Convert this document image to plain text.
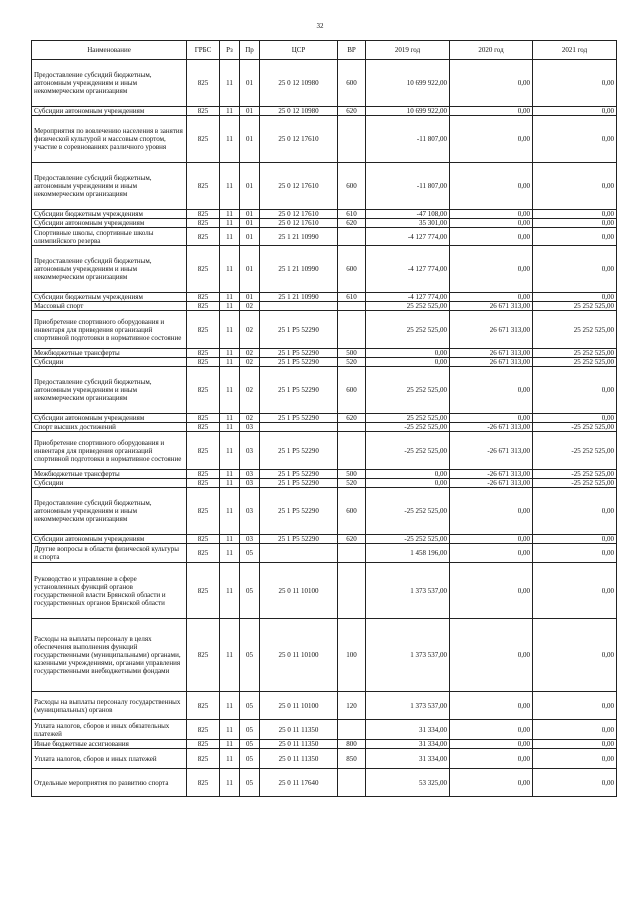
32
Наименование	ГРБС	Рз	Пр	ЦСР	ВР	2019 год	2020 год	2021 год
Предоставление субсидий бюджетным, автономным учреждениям и иным некоммерческим организациям	825	11	01	25 0 12 10980	600	10 699 922,00	0,00	0,00
Субсидии автономным учреждениям	825	11	01	25 0 12 10980	620	10 699 922,00	0,00	0,00
Мероприятия по вовлечению населения в занятия физической культурой и массовым спортом, участие в соревнованиях различного уровня	825	11	01	25 0 12 17610		-11 807,00	0,00	0,00
Предоставление субсидий бюджетным, автономным учреждениям и иным некоммерческим организациям	825	11	01	25 0 12 17610	600	-11 807,00	0,00	0,00
Субсидии бюджетным учреждениям	825	11	01	25 0 12 17610	610	-47 108,00	0,00	0,00
Субсидии автономным учреждениям	825	11	01	25 0 12 17610	620	35 301,00	0,00	0,00
Спортивные школы, спортивные школы олимпийского резерва	825	11	01	25 1 21 10990		-4 127 774,00	0,00	0,00
Предоставление субсидий бюджетным, автономным учреждениям и иным некоммерческим организациям	825	11	01	25 1 21 10990	600	-4 127 774,00	0,00	0,00
Субсидии бюджетным учреждениям	825	11	01	25 1 21 10990	610	-4 127 774,00	0,00	0,00
Массовый спорт	825	11	02			25 252 525,00	26 671 313,00	25 252 525,00
Приобретение спортивного оборудования и инвентаря для приведения организаций спортивной подготовки в нормативное состояние	825	11	02	25 1 P5 52290		25 252 525,00	26 671 313,00	25 252 525,00
Межбюджетные трансферты	825	11	02	25 1 P5 52290	500	0,00	26 671 313,00	25 252 525,00
Субсидии	825	11	02	25 1 P5 52290	520	0,00	26 671 313,00	25 252 525,00
Предоставление субсидий бюджетным, автономным учреждениям и иным некоммерческим организациям	825	11	02	25 1 P5 52290	600	25 252 525,00	0,00	0,00
Субсидии автономным учреждениям	825	11	02	25 1 P5 52290	620	25 252 525,00	0,00	0,00
Спорт высших достижений	825	11	03			-25 252 525,00	-26 671 313,00	-25 252 525,00
Приобретение спортивного оборудования и инвентаря для приведения организаций спортивной подготовки в нормативное состояние	825	11	03	25 1 P5 52290		-25 252 525,00	-26 671 313,00	-25 252 525,00
Межбюджетные трансферты	825	11	03	25 1 P5 52290	500	0,00	-26 671 313,00	-25 252 525,00
Субсидии	825	11	03	25 1 P5 52290	520	0,00	-26 671 313,00	-25 252 525,00
Предоставление субсидий бюджетным, автономным учреждениям и иным некоммерческим организациям	825	11	03	25 1 P5 52290	600	-25 252 525,00	0,00	0,00
Субсидии автономным учреждениям	825	11	03	25 1 P5 52290	620	-25 252 525,00	0,00	0,00
Другие вопросы в области физической культуры и спорта	825	11	05			1 458 196,00	0,00	0,00
Руководство и управление в сфере установленных функций органов государственной власти Брянской области и государственных органов Брянской области	825	11	05	25 0 11 10100		1 373 537,00	0,00	0,00
Расходы на выплаты персоналу в целях обеспечения выполнения функций государственными (муниципальными) органами, казенными учреждениями, органами управления государственными внебюджетными фондами	825	11	05	25 0 11 10100	100	1 373 537,00	0,00	0,00
Расходы на выплаты персоналу государственных (муниципальных) органов	825	11	05	25 0 11 10100	120	1 373 537,00	0,00	0,00
Уплата налогов, сборов и иных обязательных платежей	825	11	05	25 0 11 11350		31 334,00	0,00	0,00
Иные бюджетные ассигнования	825	11	05	25 0 11 11350	800	31 334,00	0,00	0,00
Уплата налогов, сборов и иных платежей	825	11	05	25 0 11 11350	850	31 334,00	0,00	0,00
Отдельные мероприятия по развитию спорта	825	11	05	25 0 11 17640		53 325,00	0,00	0,00
